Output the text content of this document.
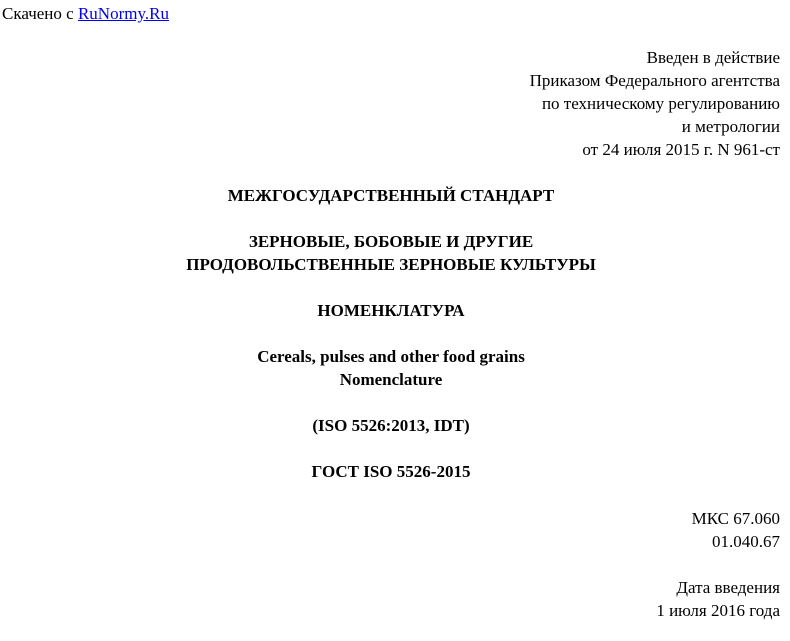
Скачено с RuNormy.Ru
Введен в действие
Приказом Федерального агентства
по техническому регулированию
и метрологии
от 24 июля 2015 г. N 961-ст
МЕЖГОСУДАРСТВЕННЫЙ СТАНДАРТ
ЗЕРНОВЫЕ, БОБОВЫЕ И ДРУГИЕ
ПРОДОВОЛЬСТВЕННЫЕ ЗЕРНОВЫЕ КУЛЬТУРЫ
НОМЕНКЛАТУРА
Cereals, pulses and other food grains
Nomenclature
(ISO 5526:2013, IDT)
ГОСТ ISO 5526-2015
МКС 67.060
01.040.67
Дата введения
1 июля 2016 года
